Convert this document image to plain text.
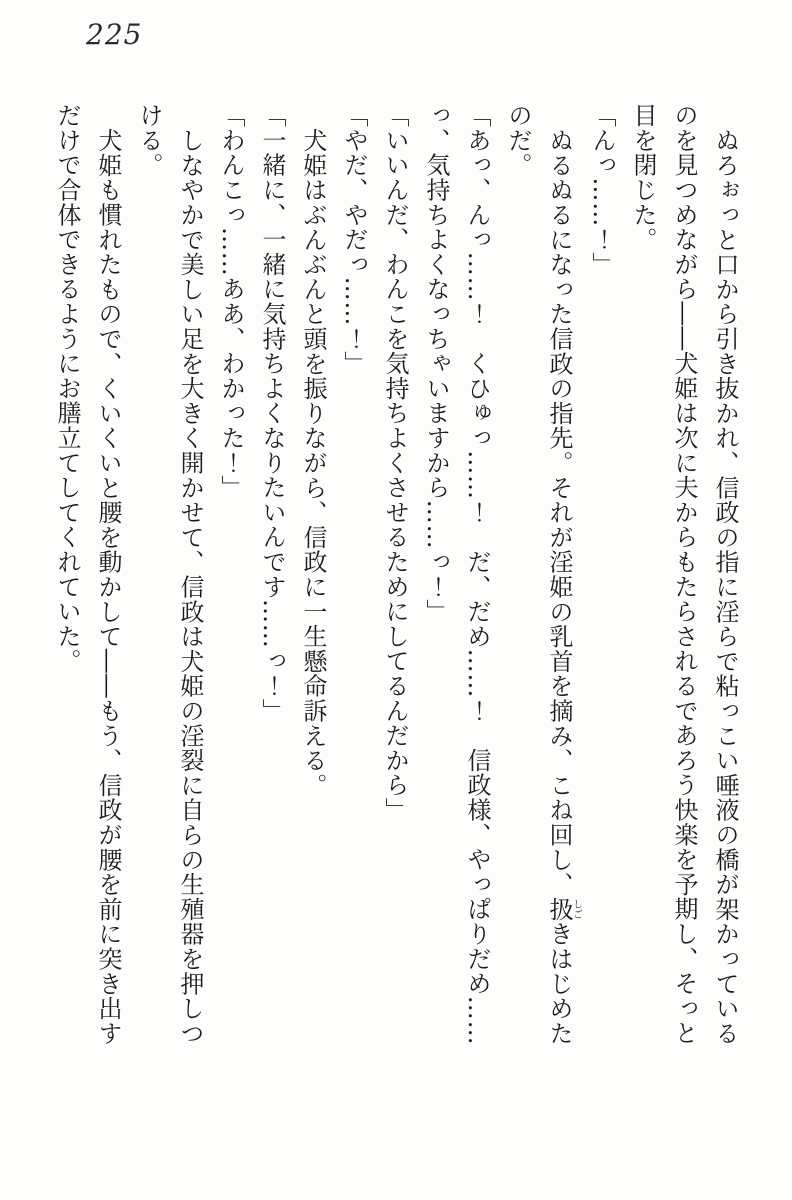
225

ぬろぉっと口から引き抜かれ、信政の指に淫らで粘っこい唾液の橋が架かっているのを見つめながら――犬姫は次に夫からもたらされるであろう快楽を予期し、そっと目を閉じた。

「んっ……！」

ぬるぬるになった信政の指先。それが淫姫の乳首を摘み、こね回し、扱しごきはじめたのだ。

「あっ、んっ……！　くひゅっ……！　だ、だめ……！　信政様、やっぱりだめ……っ、気持ちよくなっちゃいますから……っ！」

「いいんだ、わんこを気持ちよくさせるためにしてるんだから」

「やだ、やだっ……！」

犬姫はぶんぶんと頭を振りながら、信政に一生懸命訴える。

「一緒に、一緒に気持ちよくなりたいんです……っ！」

「わんこっ……ああ、わかった！」

しなやかで美しい足を大きく開かせて、信政は犬姫の淫裂に自らの生殖器を押しつける。

犬姫も慣れたもので、くいくいと腰を動かして――もう、信政が腰を前に突き出すだけで合体できるようにお膳立てしてくれていた。
